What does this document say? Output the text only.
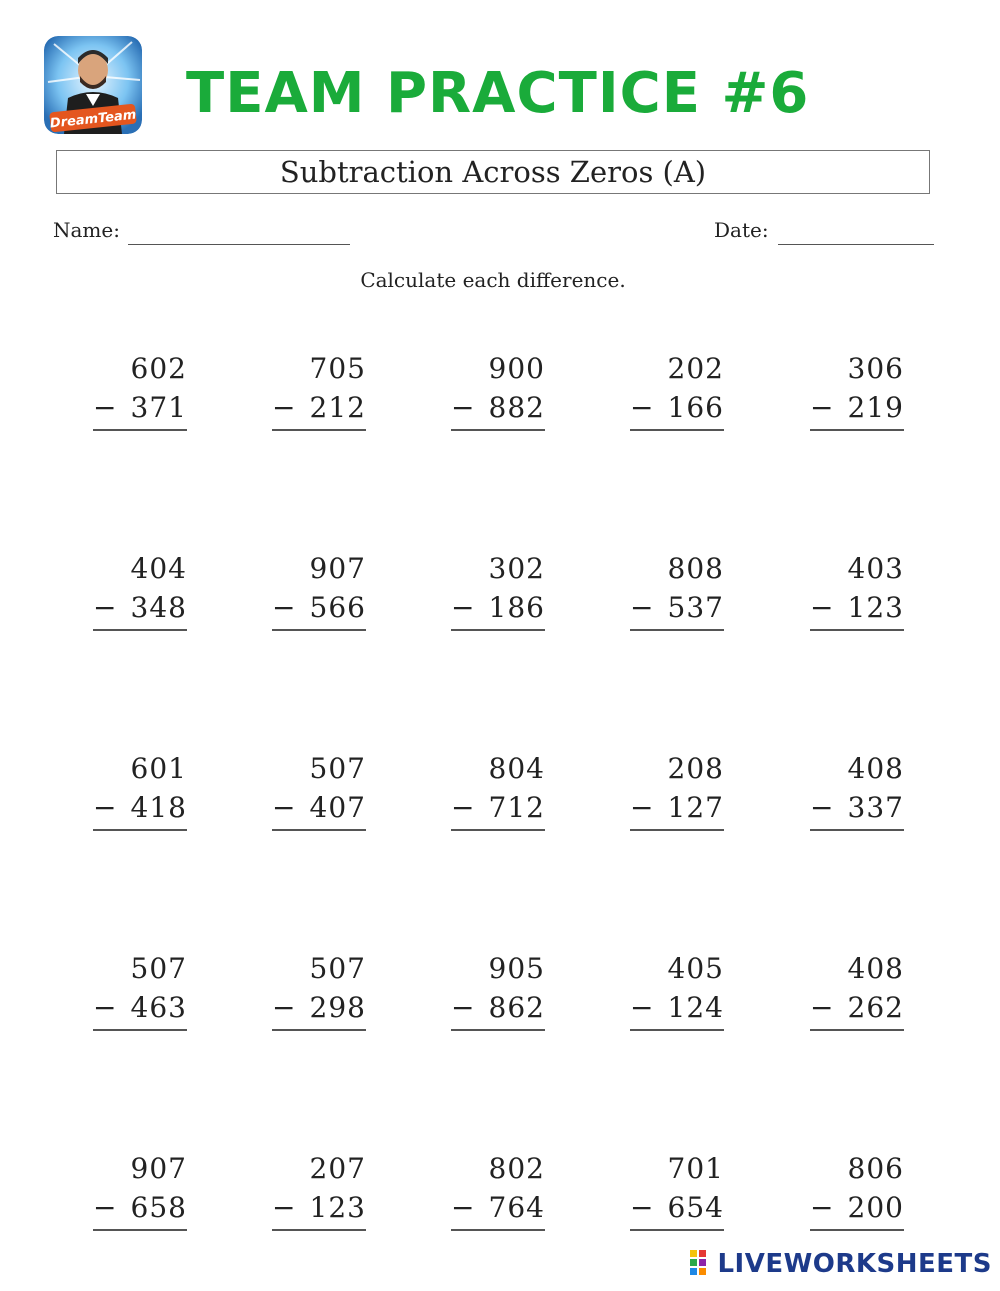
DreamTeam TEAM PRACTICE #6
Subtraction Across Zeros (A)
Name:	Date:
Calculate each difference.
602
− 371
705
− 212
900
− 882
202
− 166
306
− 219
404
− 348
907
− 566
302
− 186
808
− 537
403
− 123
601
− 418
507
− 407
804
− 712
208
− 127
408
− 337
507
− 463
507
− 298
905
− 862
405
− 124
408
− 262
907
− 658
207
− 123
802
− 764
701
− 654
806
− 200
LIVEWORKSHEETS
